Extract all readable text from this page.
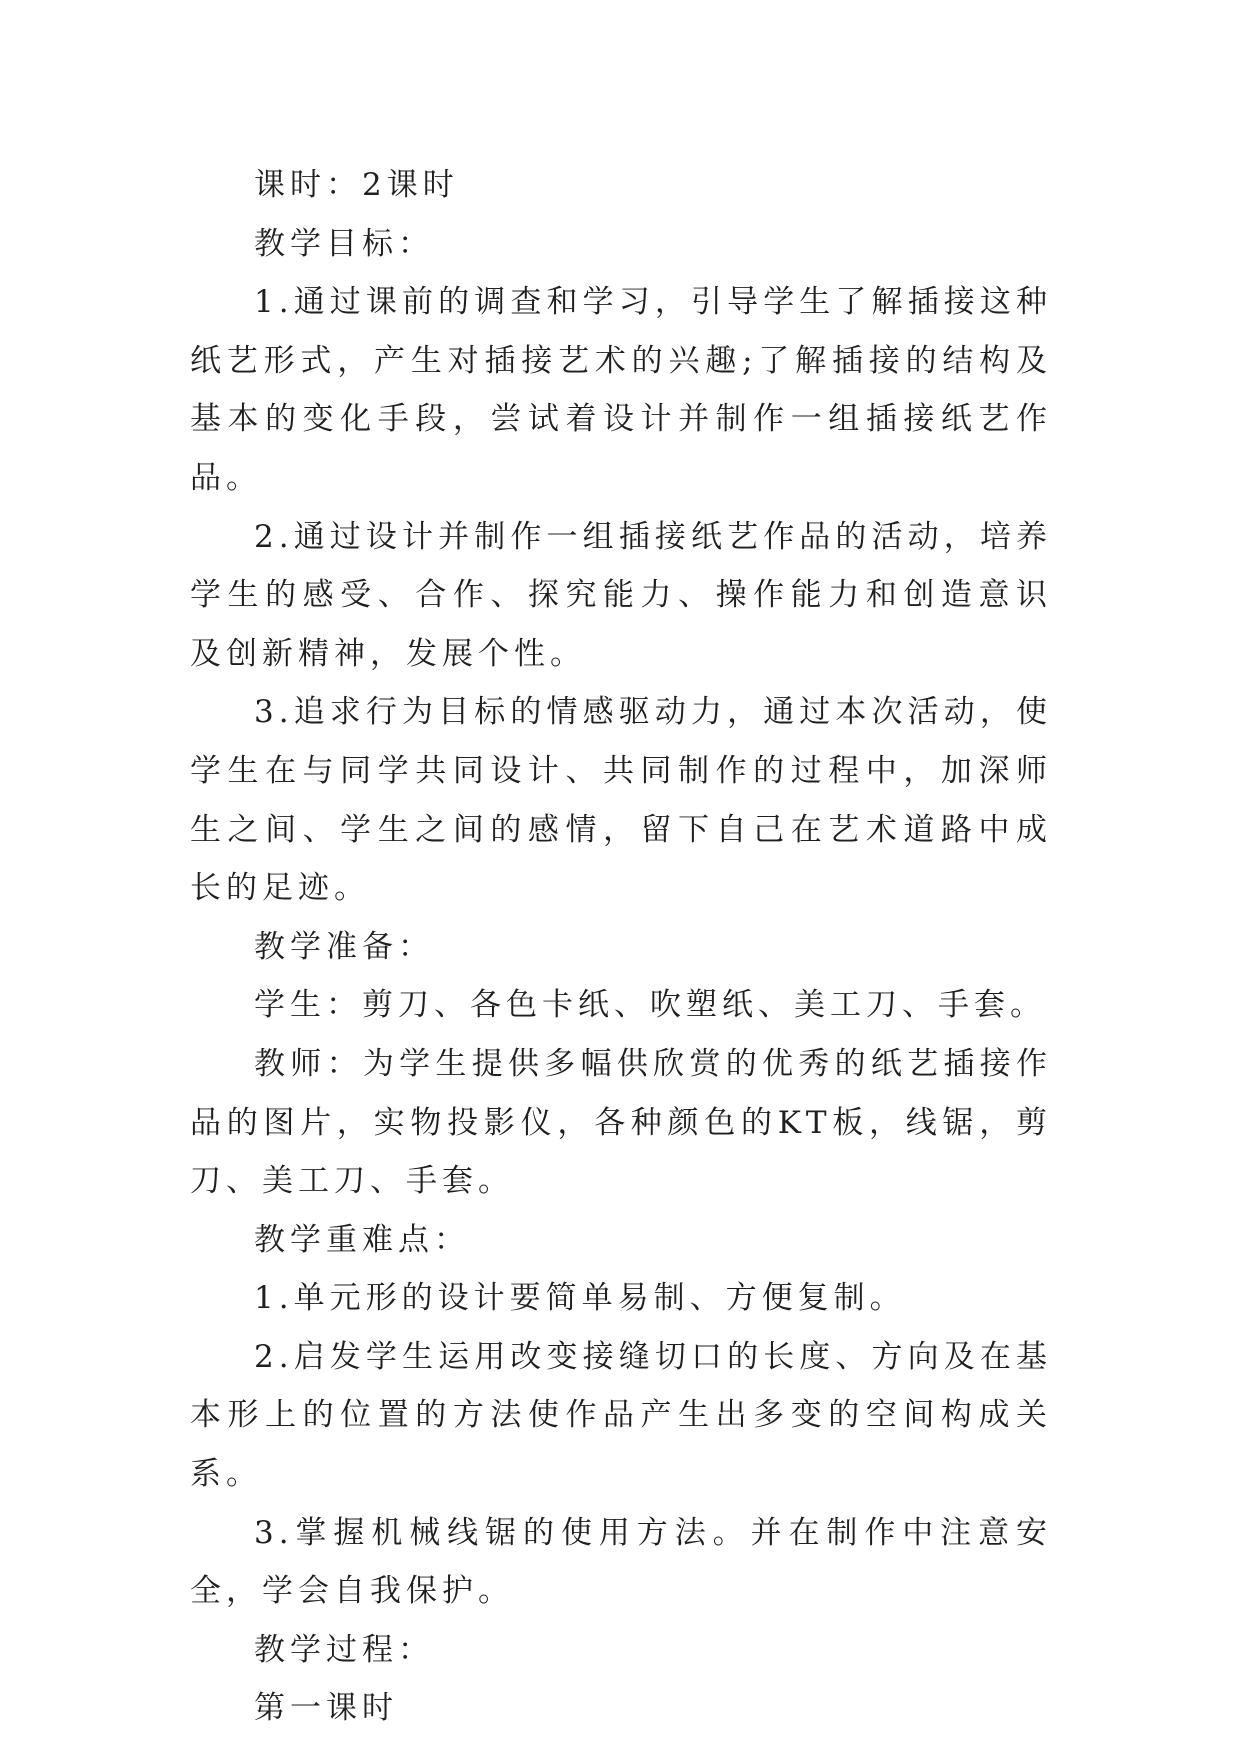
课时：2课时

教学目标：

1.通过课前的调查和学习，引导学生了解插接这种纸艺形式，产生对插接艺术的兴趣;了解插接的结构及基本的变化手段，尝试着设计并制作一组插接纸艺作品。

2.通过设计并制作一组插接纸艺作品的活动，培养学生的感受、合作、探究能力、操作能力和创造意识及创新精神，发展个性。

3.追求行为目标的情感驱动力，通过本次活动，使学生在与同学共同设计、共同制作的过程中，加深师生之间、学生之间的感情，留下自己在艺术道路中成长的足迹。

教学准备：

学生：剪刀、各色卡纸、吹塑纸、美工刀、手套。

教师：为学生提供多幅供欣赏的优秀的纸艺插接作品的图片，实物投影仪，各种颜色的KT板，线锯，剪刀、美工刀、手套。

教学重难点：

1.单元形的设计要简单易制、方便复制。

2.启发学生运用改变接缝切口的长度、方向及在基本形上的位置的方法使作品产生出多变的空间构成关系。

3.掌握机械线锯的使用方法。并在制作中注意安全，学会自我保护。

教学过程：

第一课时
